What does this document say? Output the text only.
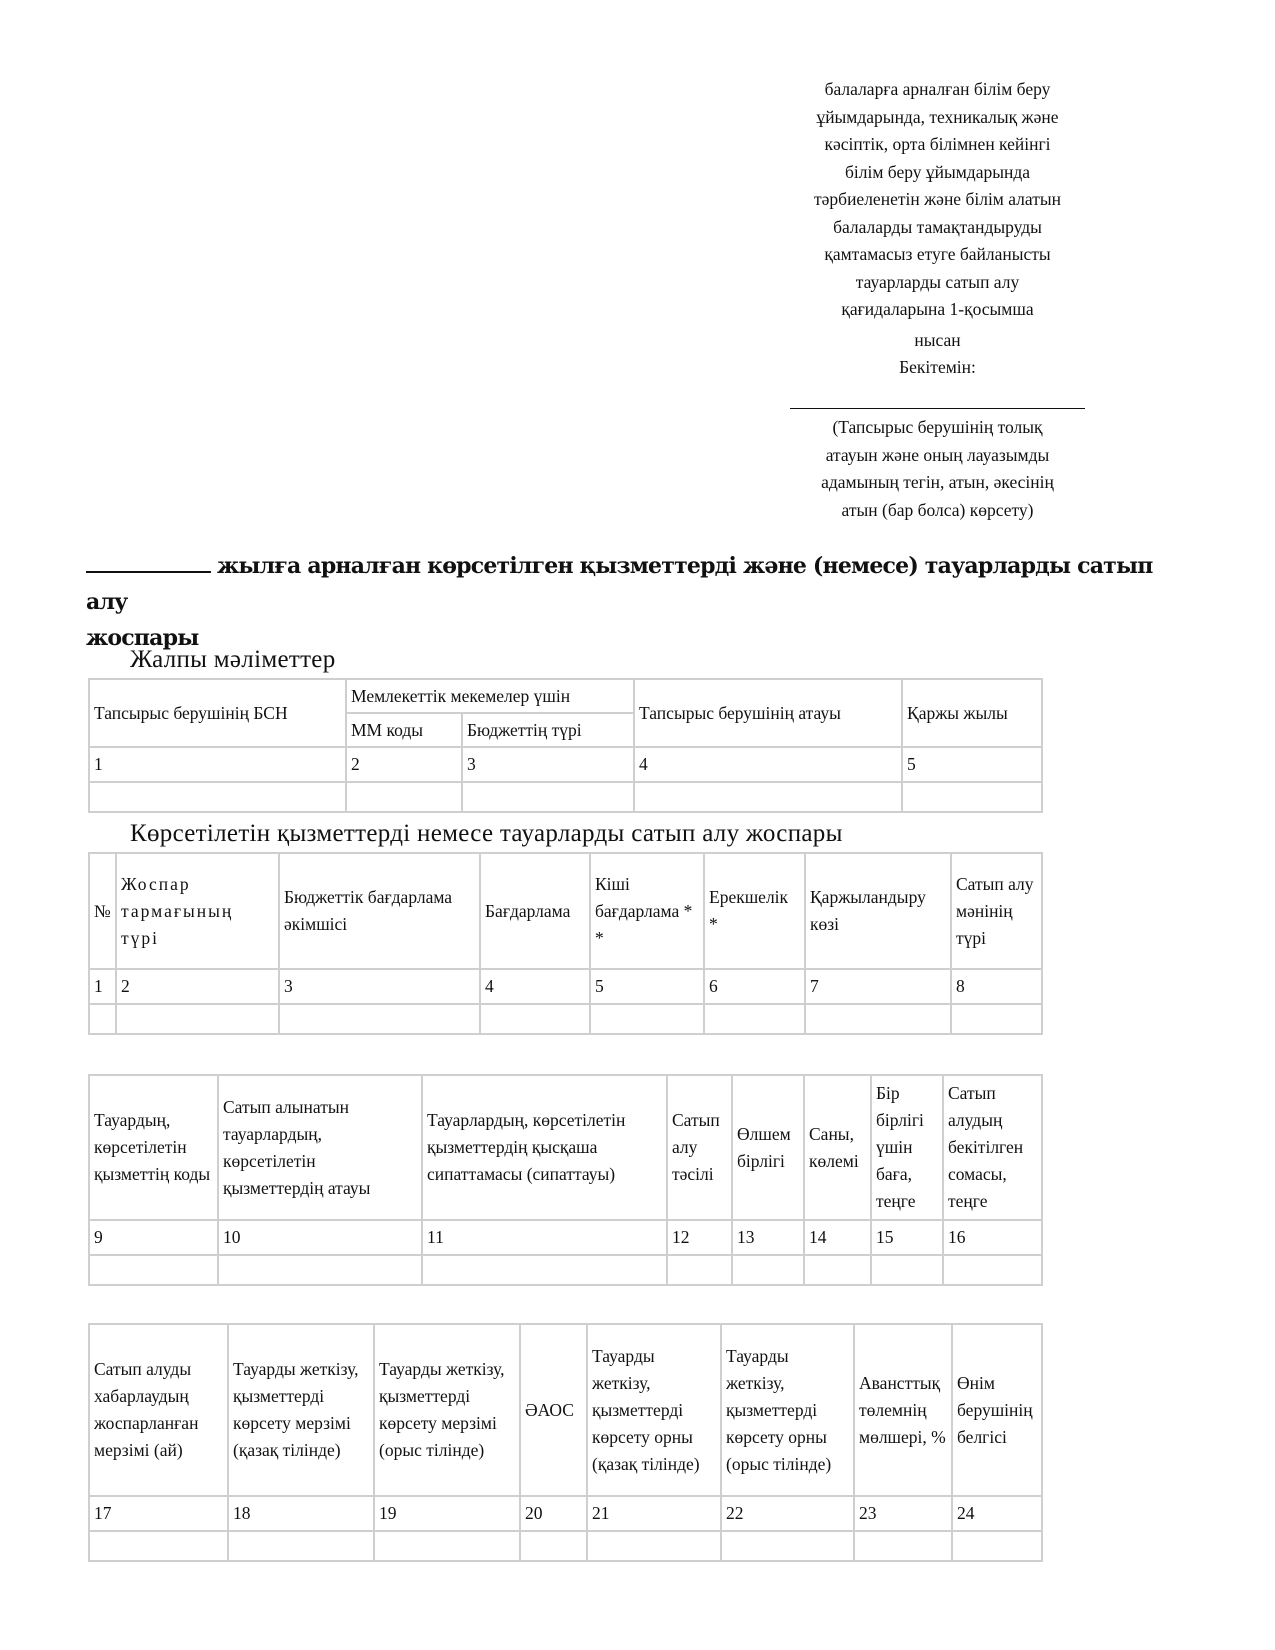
балаларға арналған білім беру
ұйымдарында, техникалық және
кәсіптік, орта білімнен кейінгі
білім беру ұйымдарында
тәрбиеленетін және білім алатын
балаларды тамақтандыруды
қамтамасыз етуге байланысты
тауарларды сатып алу
қағидаларына 1-қосымша
нысан
Бекітемін:
(Тапсырыс берушінің толық
атауын және оның лауазымды
адамының тегін, атын, әкесінің
атын (бар болса) көрсету)
жылға арналған көрсетілген қызметтерді және (немесе) тауарларды сатып алу
жоспары
Жалпы мәліметтер
Тапсырыс берушінің БСН	Мемлекеттік мекемелер үшін		Тапсырыс берушінің атауы	Қаржы жылы
	ММ коды	Бюджеттің түрі		
1	2	3	4	5

Көрсетілетін қызметтерді немесе тауарларды сатып алу жоспары
№	Жоспар тармағының түрі	Бюджеттік бағдарлама әкімшісі	Бағдарлама	Кіші бағдарлама * *	Ерекшелік *	Қаржыландыру көзі	Сатып алу мәнінің түрі
1	2	3	4	5	6	7	8

Тауардың, көрсетілетін қызметтің коды	Сатып алынатын тауарлардың, көрсетілетін қызметтердің атауы	Тауарлардың, көрсетілетін қызметтердің қысқаша сипаттамасы (сипаттауы)	Сатып алу тәсілі	Өлшем бірлігі	Саны, көлемі	Бір бірлігі үшін баға, теңге	Сатып алудың бекітілген сомасы, теңге
9	10	11	12	13	14	15	16

Сатып алуды хабарлаудың жоспарланған мерзімі (ай)	Тауарды жеткізу, қызметтерді көрсету мерзімі (қазақ тілінде)	Тауарды жеткізу, қызметтерді көрсету мерзімі (орыс тілінде)	ӘАОС	Тауарды жеткізу, қызметтерді көрсету орны (қазақ тілінде)	Тауарды жеткізу, қызметтерді көрсету орны (орыс тілінде)	Авансттық төлемнің мөлшері, %	Өнім берушінің белгісі
17	18	19	20	21	22	23	24
